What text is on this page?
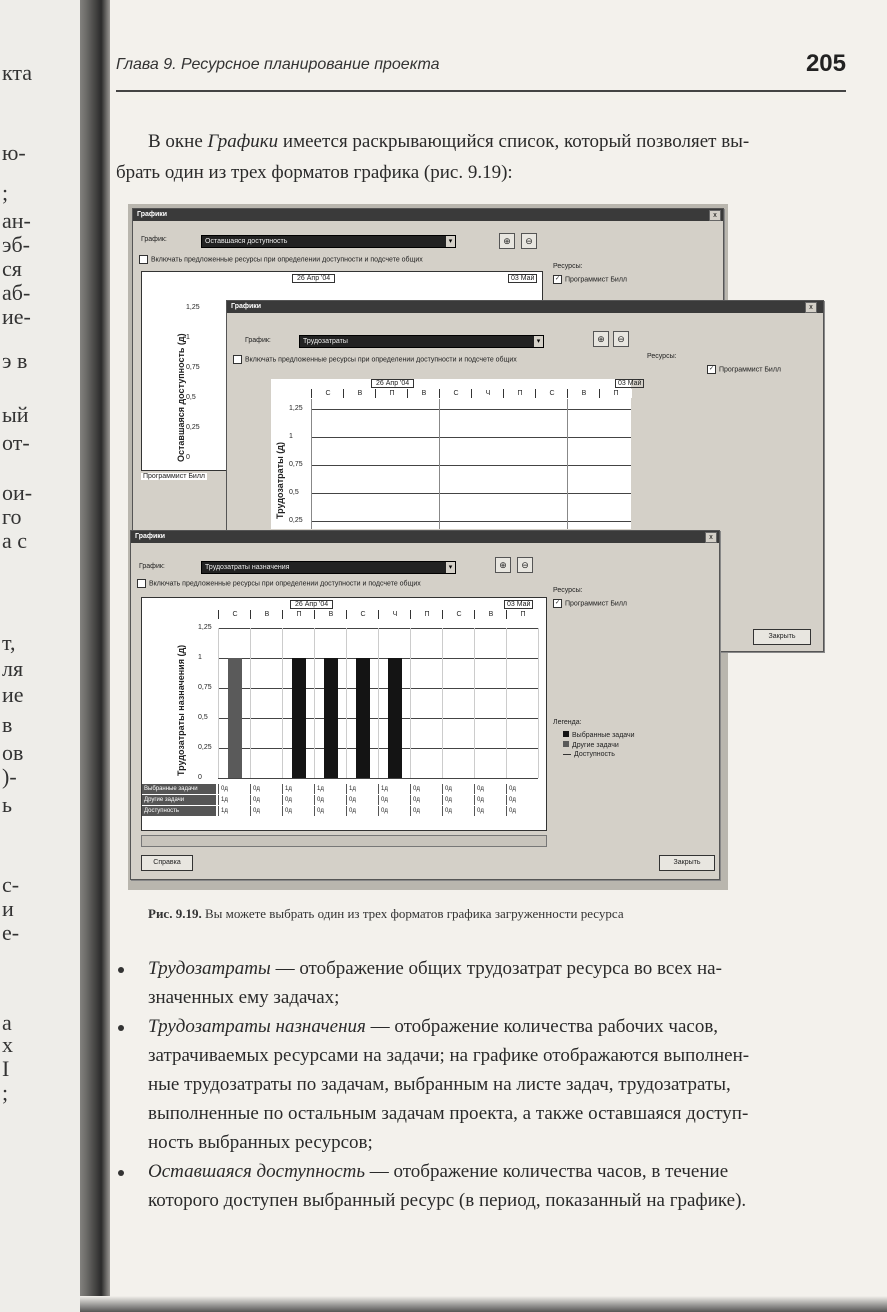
кта
ю-
;
ан-
эб-
ся
аб-
ие-
э в
ый
от-
ои-
го
а с
т,
ля
ие
в
ов
)-
ь
с-
и
е-
а
х
I
;
Глава 9. Ресурсное планирование проекта	205
В окне Графики имеется раскрывающийся список, который позволяет вы-
брать один из трех форматов графика (рис. 9.19):
Графики	x
График:	Оставшаяся доступность	▾	⊕	⊖
Включать предложенные ресурсы при определении доступности и подсчете общих
Ресурсы:
✓ Программист Билл
Оставшаяся доступность (д)
26 Апр '04	03 Май
1,25
1
0,75
0,5
0,25
0
Программист Билл
Графики	x
График:	Трудозатраты	▾	⊕	⊖
Включать предложенные ресурсы при определении доступности и подсчете общих	Ресурсы:
✓ Программист Билл
26 Апр '04	03 Май
С	В	П	В	С	Ч	П	С	В	П
Трудозатраты (д)
1,25
1
0,75
0,5
0,25
Закрыть
Графики	x
График:	Трудозатраты назначения	▾	⊕	⊖
Включать предложенные ресурсы при определении доступности и подсчете общих
Ресурсы:
✓ Программист Билл
Трудозатраты назначения (д)
26 Апр '04	03 Май
С	В	П	В	С	Ч	П	С	В	П
1,25
1
0,75
0,5
0,25
0
Выбранные задачи	0д	0д	1д	1д	1д	1д	0д	0д	0д	0д
Другие задачи	1д	0д	0д	0д	0д	0д	0д	0д	0д	0д
Доступность	1д	0д	0д	0д	0д	0д	0д	0д	0д	0д
Легенда:
Выбранные задачи
Другие задачи
Доступность
Справка	Закрыть
Рис. 9.19. Вы можете выбрать один из трех форматов графика загруженности ресурса
Трудозатраты — отображение общих трудозатрат ресурса во всех на-
значенных ему задачах;
Трудозатраты назначения — отображение количества рабочих часов,
затрачиваемых ресурсами на задачи; на графике отображаются выполнен-
ные трудозатраты по задачам, выбранным на листе задач, трудозатраты,
выполненные по остальным задачам проекта, а также оставшаяся доступ-
ность выбранных ресурсов;
Оставшаяся доступность — отображение количества часов, в течение
которого доступен выбранный ресурс (в период, показанный на графике).
